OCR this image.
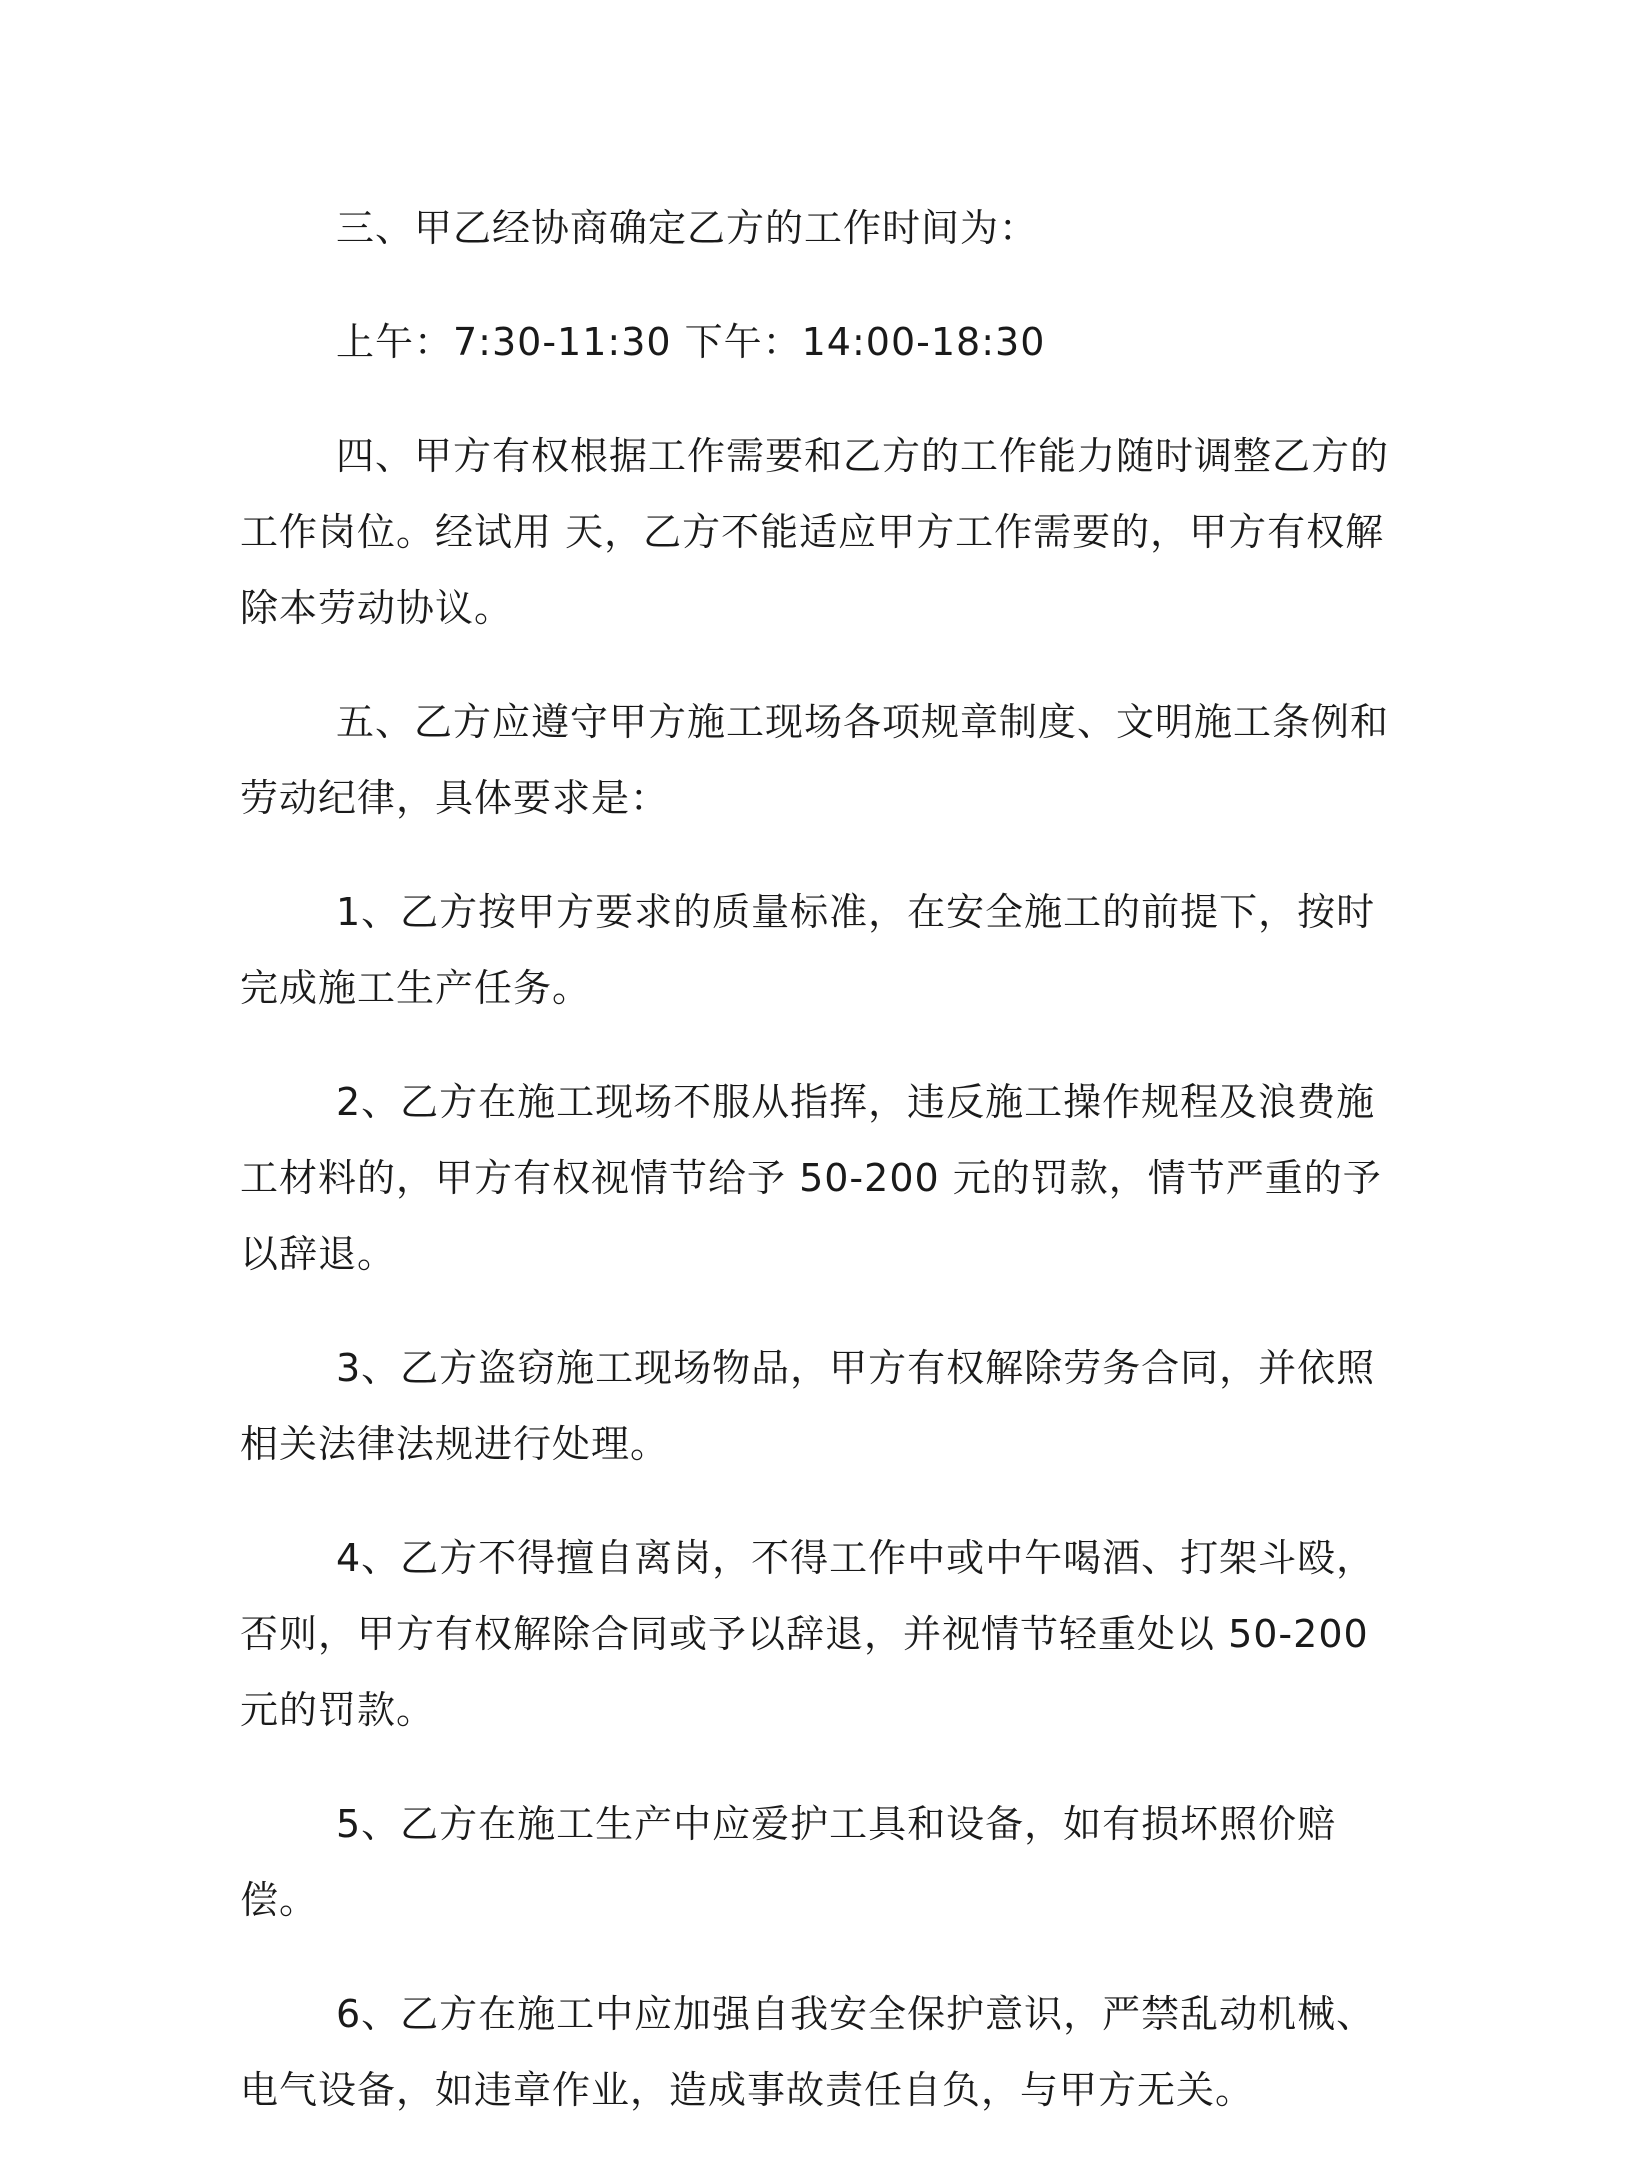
三、甲乙经协商确定乙方的工作时间为：

上午：7:30-11:30 下午：14:00-18:30

四、甲方有权根据工作需要和乙方的工作能力随时调整乙方的工作岗位。经试用 天，乙方不能适应甲方工作需要的，甲方有权解除本劳动协议。

五、乙方应遵守甲方施工现场各项规章制度、文明施工条例和劳动纪律，具体要求是：

1、乙方按甲方要求的质量标准，在安全施工的前提下，按时完成施工生产任务。

2、乙方在施工现场不服从指挥，违反施工操作规程及浪费施工材料的，甲方有权视情节给予 50-200 元的罚款，情节严重的予以辞退。

3、乙方盗窃施工现场物品，甲方有权解除劳务合同，并依照相关法律法规进行处理。

4、乙方不得擅自离岗，不得工作中或中午喝酒、打架斗殴，否则，甲方有权解除合同或予以辞退，并视情节轻重处以 50-200 元的罚款。

5、乙方在施工生产中应爱护工具和设备，如有损坏照价赔偿。

6、乙方在施工中应加强自我安全保护意识，严禁乱动机械、电气设备，如违章作业，造成事故责任自负，与甲方无关。
